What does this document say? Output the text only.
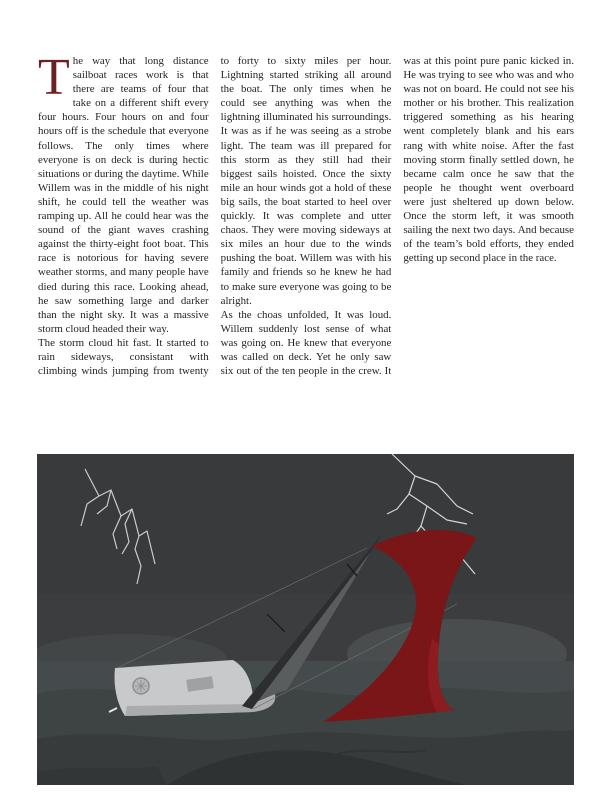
The way that long distance sailboat races work is that there are teams of four that take on a different shift every four hours. Four hours on and four hours off is the schedule that everyone follows. The only times where everyone is on deck is during hectic situations or during the daytime. While Willem was in the middle of his night shift, he could tell the weather was ramping up. All he could hear was the sound of the giant waves crashing against the thirty-eight foot boat. This race is notorious for having severe weather storms, and many people have died during this race. Looking ahead, he saw something large and darker than the night sky. It was a massive storm cloud headed their way.

The storm cloud hit fast. It started to rain sideways, consistant with climbing winds jumping from twenty to forty to sixty miles per hour. Lightning started striking all around the boat. The only times when he could see anything was when the lightning illuminated his surroundings. It was as if he was seeing as a strobe light. The team was ill prepared for this storm as they still had their biggest sails hoisted. Once the sixty mile an hour winds got a hold of these big sails, the boat started to heel over quickly. It was complete and utter chaos. They were moving sideways at six miles an hour due to the winds pushing the boat. Willem was with his family and friends so he knew he had to make sure everyone was going to be alright.

As the choas unfolded, It was loud. Willem suddenly lost sense of what was going on. He knew that everyone was called on deck. Yet he only saw six out of the ten people in the crew. It was at this point pure panic kicked in. He was trying to see who was and who was not on board. He could not see his mother or his brother. This realization triggered something as his hearing went completely blank and his ears rang with white noise. After the fast moving storm finally settled down, he became calm once he saw that the people he thought went overboard were just sheltered up down below. Once the storm left, it was smooth sailing the next two days. And because of the team’s bold efforts, they ended getting up second place in the race.
